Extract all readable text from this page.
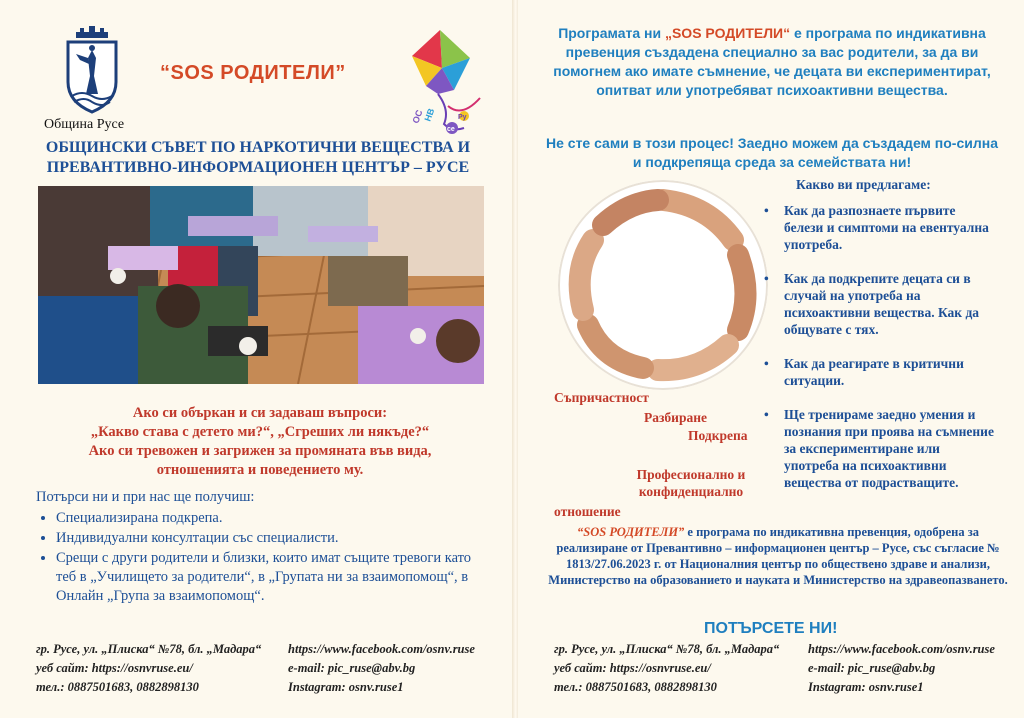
Община Русе
“SOS РОДИТЕЛИ”
ОС
НВ	Ру
се
ОБЩИНСКИ СЪВЕТ ПО НАРКОТИЧНИ ВЕЩЕСТВА И
ПРЕВАНТИВНО-ИНФОРМАЦИОНЕН ЦЕНТЪР – РУСЕ
Ако си объркан и си задаваш въпроси:
„Какво става с детето ми?“, „Сгреших ли някъде?“
Ако си тревожен и загрижен за промяната във вида,
отношенията и поведението му.
Потърси ни и при нас ще получиш:
• Специализирана подкрепа.
• Индивидуални консултации със специалисти.
• Срещи с други родители и близки, които имат същите тревоги като теб в „Училището за родители“, в „Групата ни за взаимопомощ“, в Онлайн „Група за взаимопомощ“.
гр. Русе, ул. „Плиска“ №78, бл. „Мадара“
уеб сайт: https://osnvruse.eu/
тел.: 0887501683, 0882898130
https://www.facebook.com/osnv.ruse
e-mail: pic_ruse@abv.bg
Instagram: osnv.ruse1
Програмата ни „SOS РОДИТЕЛИ“ е програма по индикативна превенция създадена специално за вас родители, за да ви помогнем ако имате съмнение, че децата ви експериментират, опитват или употребяват психоактивни вещества.
Не сте сами в този процес! Заедно можем да създадем по-силна и подкрепяща среда за семействата ни!
Какво ви предлагаме:
• Как да разпознаете първите белези и симптоми на евентуална употреба.
• Как да подкрепите децата си в случай на употреба на психоактивни вещества. Как да общувате с тях.
• Как да реагирате в критични ситуации.
• Ще тренираме заедно умения и познания при проява на съмнение за експериментиране или употреба на психоактивни вещества от подрастващите.
Съпричастност
Разбиране
Подкрепа
Професионално и конфиденциално
отношение
“SOS РОДИТЕЛИ” е програма по индикативна превенция, одобрена за реализиране от Превантивно – информационен център – Русе, със съгласие № 1813/27.06.2023 г. от Националния център по обществено здраве и анализи, Министерство на образованието и науката и Министерство на здравеопазването.
ПОТЪРСЕТЕ НИ!
гр. Русе, ул. „Плиска“ №78, бл. „Мадара“
уеб сайт: https://osnvruse.eu/
тел.: 0887501683, 0882898130
https://www.facebook.com/osnv.ruse
e-mail: pic_ruse@abv.bg
Instagram: osnv.ruse1
